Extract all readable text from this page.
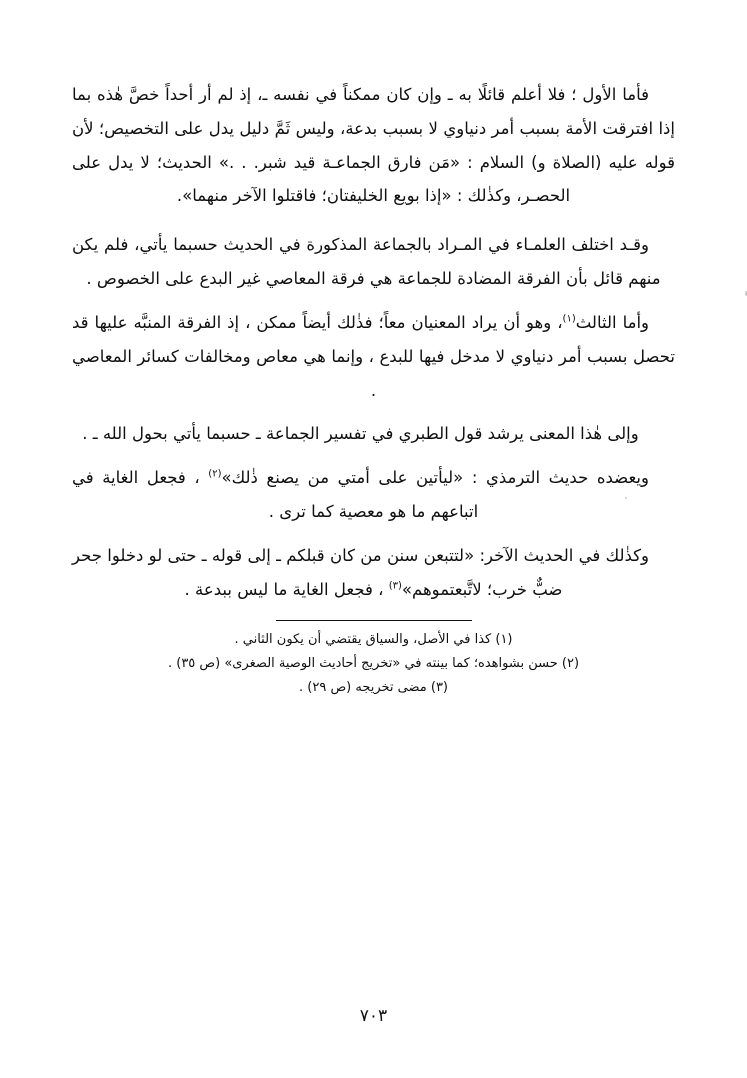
فأما الأول ؛ فلا أعلم قائلًا به ـ وإن كان ممكناً في نفسه ـ، إذ لم أر أحداً خصَّ هٰذه بما إذا افترقت الأمة بسبب أمر دنياوي لا بسبب بدعة، وليس ثَمَّ دليل يدل على التخصيص؛ لأن قوله عليه (الصلاة و) السلام : «مَن فارق الجماعـة قيد شبر. . .» الحديث؛ لا يدل على الحصـر، وكذٰلك : «إذا بويع الخليفتان؛ فاقتلوا الآخر منهما».

وقـد اختلف العلمـاء في المـراد بالجماعة المذكورة في الحديث حسبما يأتي، فلم يكن منهم قائل بأن الفرقة المضادة للجماعة هي فرقة المعاصي غير البدع على الخصوص .

وأما الثالث$^{(١)}$، وهو أن يراد المعنيان معاً؛ فذٰلك أيضاً ممكن ، إذ الفرقة المنبَّه عليها قد تحصل بسبب أمر دنياوي لا مدخل فيها للبدع ، وإنما هي معاص ومخالفات كسائر المعاصي .

وإلى هٰذا المعنى يرشد قول الطبري في تفسير الجماعة ـ حسبما يأتي بحول الله ـ .

ويعضده حديث الترمذي : «ليأتين على أمتي من يصنع ذٰلك»$^{(٢)}$ ، فجعل الغاية في اتباعهم ما هو معصية كما ترى .

وكذٰلك في الحديث الآخر: «لتتبعن سنن من كان قبلكم ـ إلى قوله ـ حتى لو دخلوا جحر ضبٌّ خرب؛ لاتَّبعتموهم»$^{(٣)}$ ، فجعل الغاية ما ليس ببدعة .

(١) كذا في الأصل، والسياق يقتضي أن يكون الثاني .

(٢) حسن بشواهده؛ كما بينته في «تخريج أحاديث الوصية الصغرى» (ص ٣٥) .

(٣) مضى تخريجه (ص ٢٩) .

٧٠٣
